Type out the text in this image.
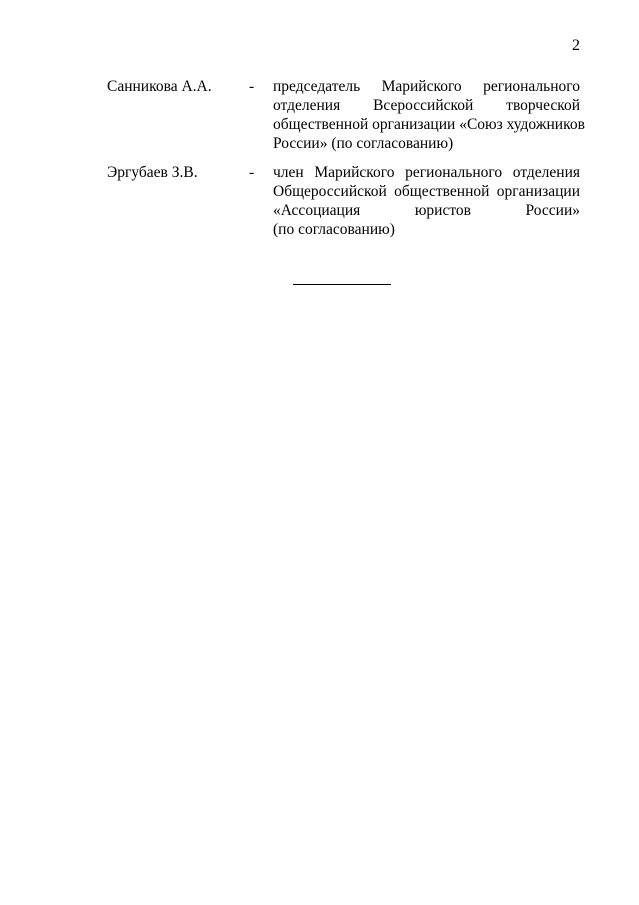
2
Санникова А.А. - председатель Марийского регионального
отделения Всероссийской творческой
общественной организации «Союз художников
России» (по согласованию)
Эргубаев З.В.	- член Марийского регионального отделения
Общероссийской общественной организации
«Ассоциация юристов России»
(по согласованию)
